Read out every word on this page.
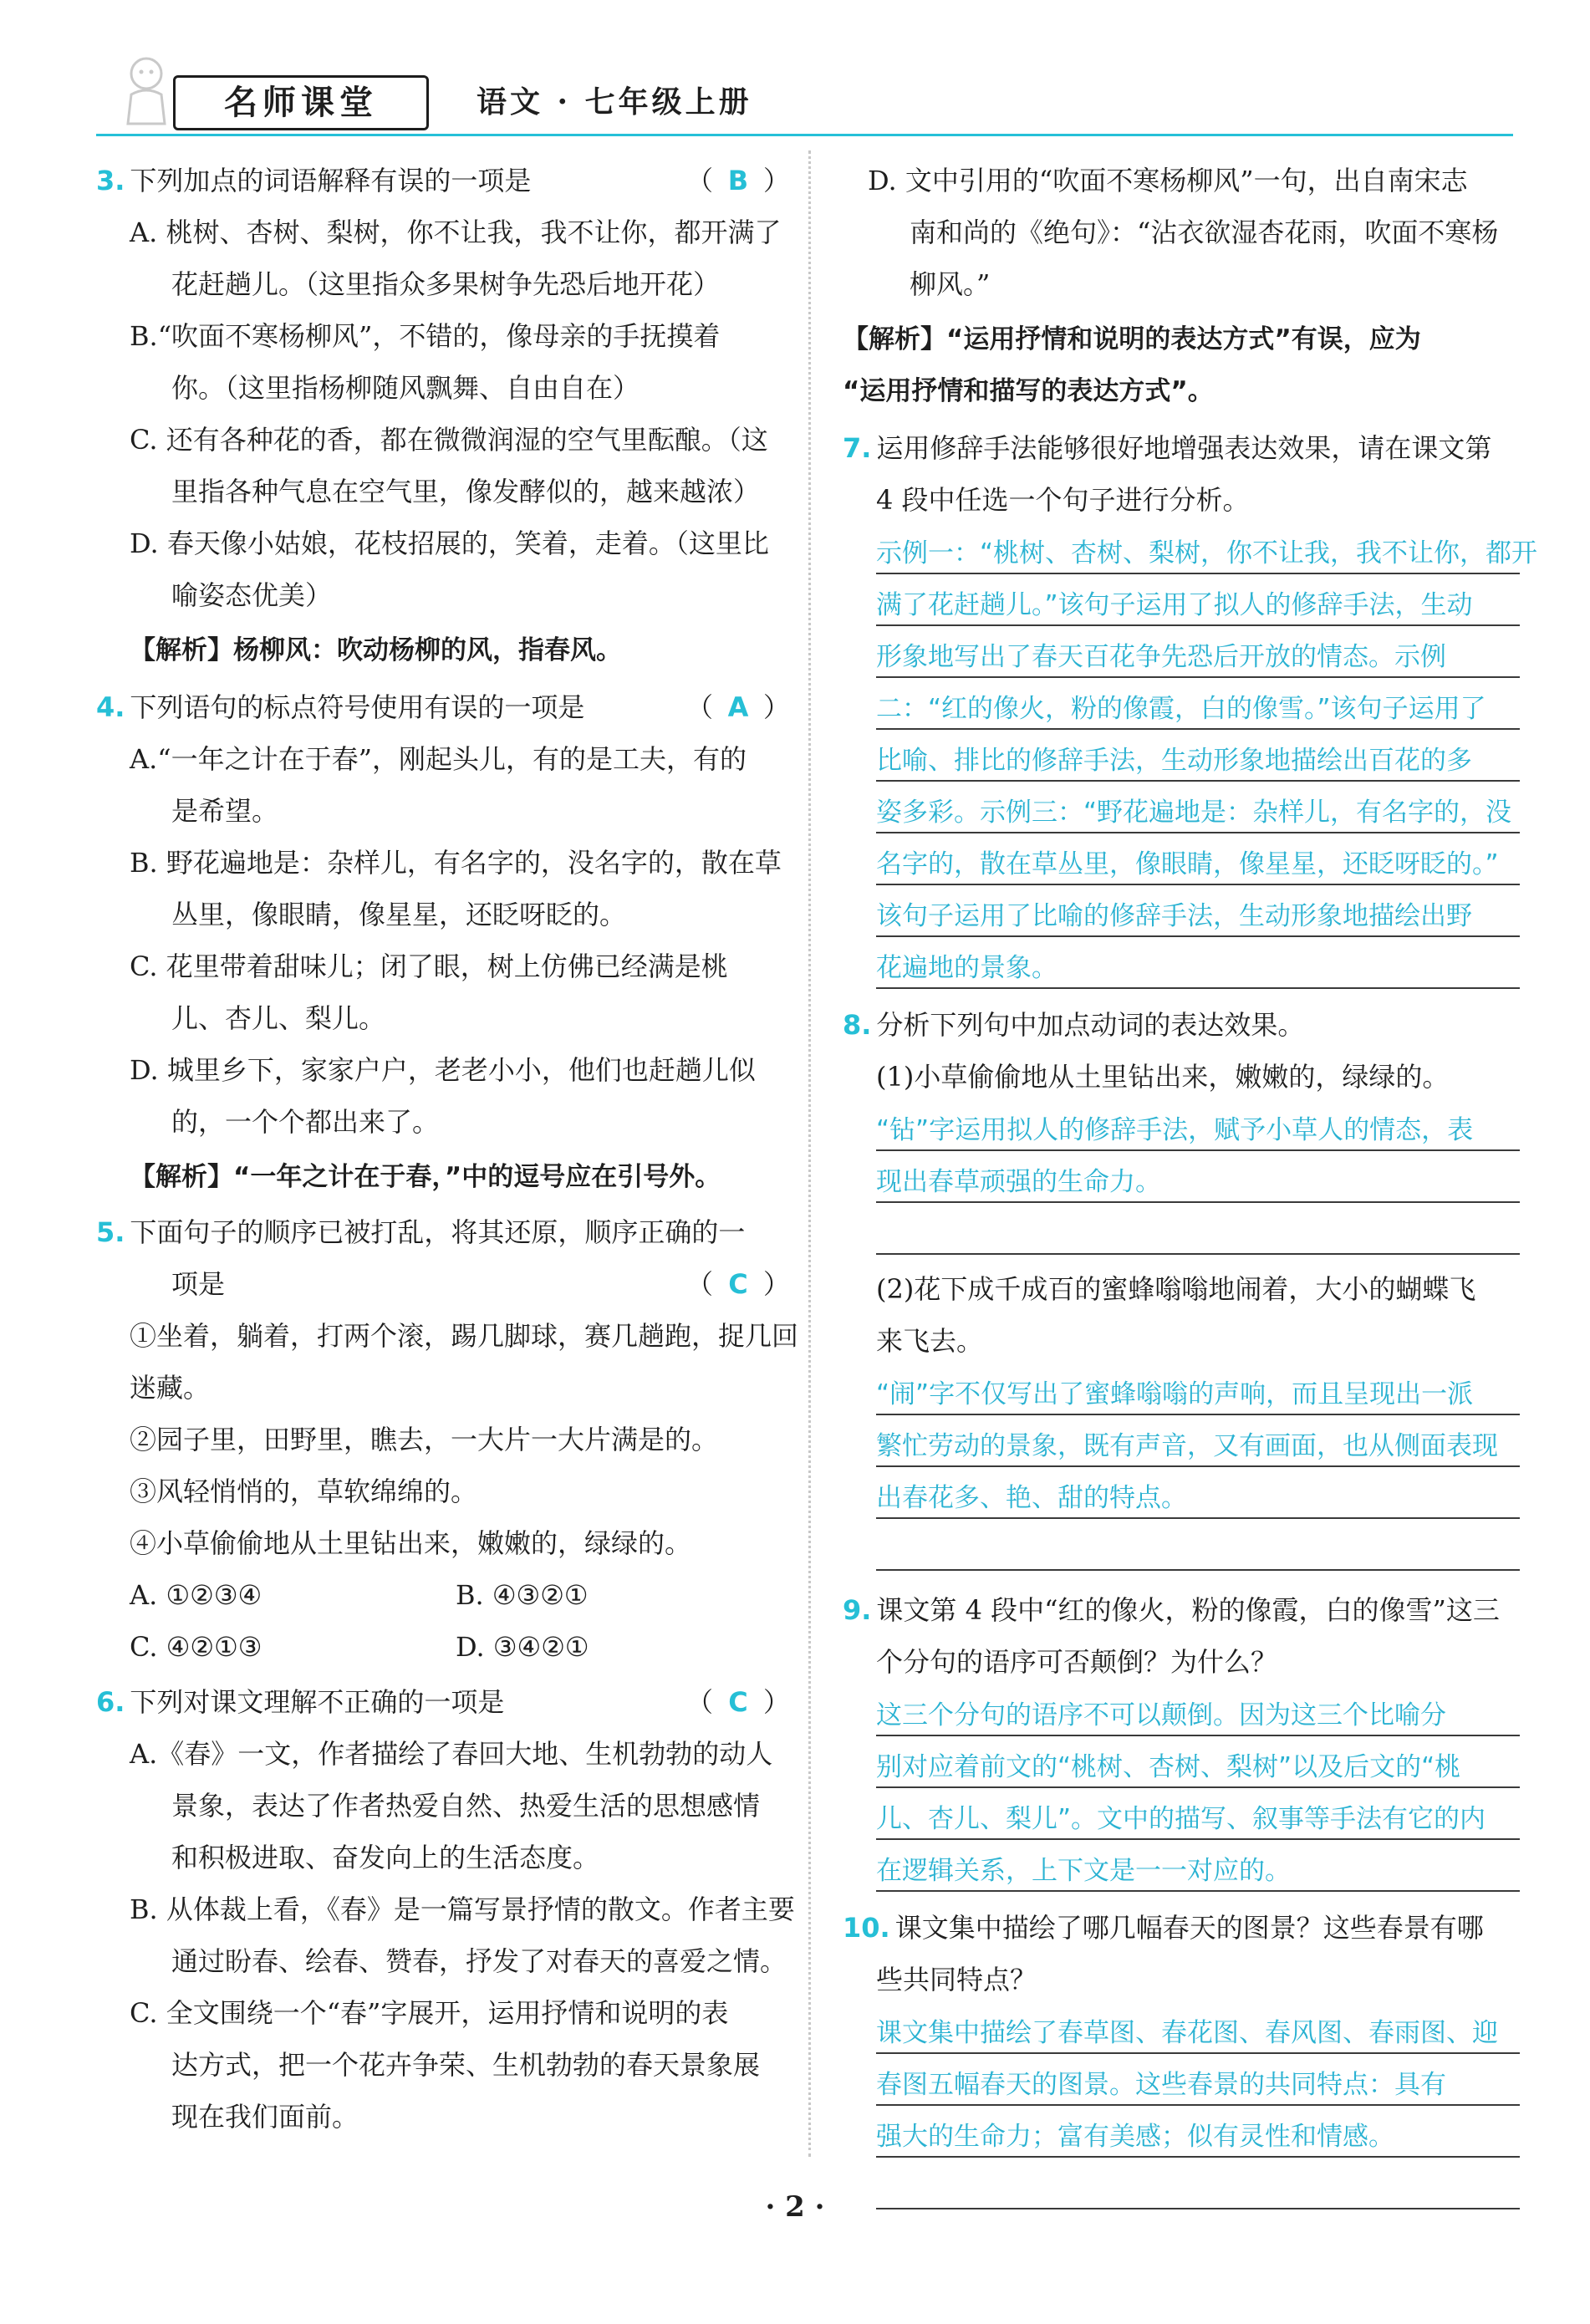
名师课堂	语文 · 七年级上册
3. 下列加点的词语解释有误的一项是	（ B ）
A. 桃树、杏树、梨树，你不让我，我不让你，都开满了
花赶趟儿。（这里指众多果树争先恐后地开花）
B.“吹面不寒杨柳风”，不错的，像母亲的手抚摸着
你。（这里指杨柳随风飘舞、自由自在）
C. 还有各种花的香，都在微微润湿的空气里酝酿。（这
里指各种气息在空气里，像发酵似的，越来越浓）
D. 春天像小姑娘，花枝招展的，笑着，走着。（这里比
喻姿态优美）
【解析】杨柳风：吹动杨柳的风，指春风。
4. 下列语句的标点符号使用有误的一项是	（ A ）
A.“一年之计在于春”，刚起头儿，有的是工夫，有的
是希望。
B. 野花遍地是：杂样儿，有名字的，没名字的，散在草
丛里，像眼睛，像星星，还眨呀眨的。
C. 花里带着甜味儿；闭了眼，树上仿佛已经满是桃
儿、杏儿、梨儿。
D. 城里乡下，家家户户，老老小小，他们也赶趟儿似
的，一个个都出来了。
【解析】“一年之计在于春，”中的逗号应在引号外。
5. 下面句子的顺序已被打乱，将其还原，顺序正确的一
项是	（ C ）
①坐着，躺着，打两个滚，踢几脚球，赛几趟跑，捉几回
迷藏。
②园子里，田野里，瞧去，一大片一大片满是的。
③风轻悄悄的，草软绵绵的。
④小草偷偷地从土里钻出来，嫩嫩的，绿绿的。
A. ①②③④	B. ④③②①
C. ④②①③	D. ③④②①
6. 下列对课文理解不正确的一项是	（ C ）
A.《春》一文，作者描绘了春回大地、生机勃勃的动人
景象，表达了作者热爱自然、热爱生活的思想感情
和积极进取、奋发向上的生活态度。
B. 从体裁上看，《春》是一篇写景抒情的散文。作者主要
通过盼春、绘春、赞春，抒发了对春天的喜爱之情。
C. 全文围绕一个“春”字展开，运用抒情和说明的表
达方式，把一个花卉争荣、生机勃勃的春天景象展
现在我们面前。
D. 文中引用的“吹面不寒杨柳风”一句，出自南宋志
南和尚的《绝句》：“沾衣欲湿杏花雨，吹面不寒杨
柳风。”
【解析】“运用抒情和说明的表达方式”有误，应为
“运用抒情和描写的表达方式”。
7. 运用修辞手法能够很好地增强表达效果，请在课文第
4 段中任选一个句子进行分析。
示例一：“桃树、杏树、梨树，你不让我，我不让你，都开
满了花赶趟儿。”该句子运用了拟人的修辞手法，生动
形象地写出了春天百花争先恐后开放的情态。示例
二：“红的像火，粉的像霞，白的像雪。”该句子运用了
比喻、排比的修辞手法，生动形象地描绘出百花的多
姿多彩。示例三：“野花遍地是：杂样儿，有名字的，没
名字的，散在草丛里，像眼睛，像星星，还眨呀眨的。”
该句子运用了比喻的修辞手法，生动形象地描绘出野
花遍地的景象。
8. 分析下列句中加点动词的表达效果。
(1)小草偷偷地从土里钻出来，嫩嫩的，绿绿的。
“钻”字运用拟人的修辞手法，赋予小草人的情态，表
现出春草顽强的生命力。
(2)花下成千成百的蜜蜂嗡嗡地闹着，大小的蝴蝶飞
来飞去。
“闹”字不仅写出了蜜蜂嗡嗡的声响，而且呈现出一派
繁忙劳动的景象，既有声音，又有画面，也从侧面表现
出春花多、艳、甜的特点。
9. 课文第 4 段中“红的像火，粉的像霞，白的像雪”这三
个分句的语序可否颠倒？为什么？
这三个分句的语序不可以颠倒。因为这三个比喻分
别对应着前文的“桃树、杏树、梨树”以及后文的“桃
儿、杏儿、梨儿”。文中的描写、叙事等手法有它的内
在逻辑关系，上下文是一一对应的。
10. 课文集中描绘了哪几幅春天的图景？这些春景有哪
些共同特点？
课文集中描绘了春草图、春花图、春风图、春雨图、迎
春图五幅春天的图景。这些春景的共同特点：具有
强大的生命力；富有美感；似有灵性和情感。
· 2 ·
